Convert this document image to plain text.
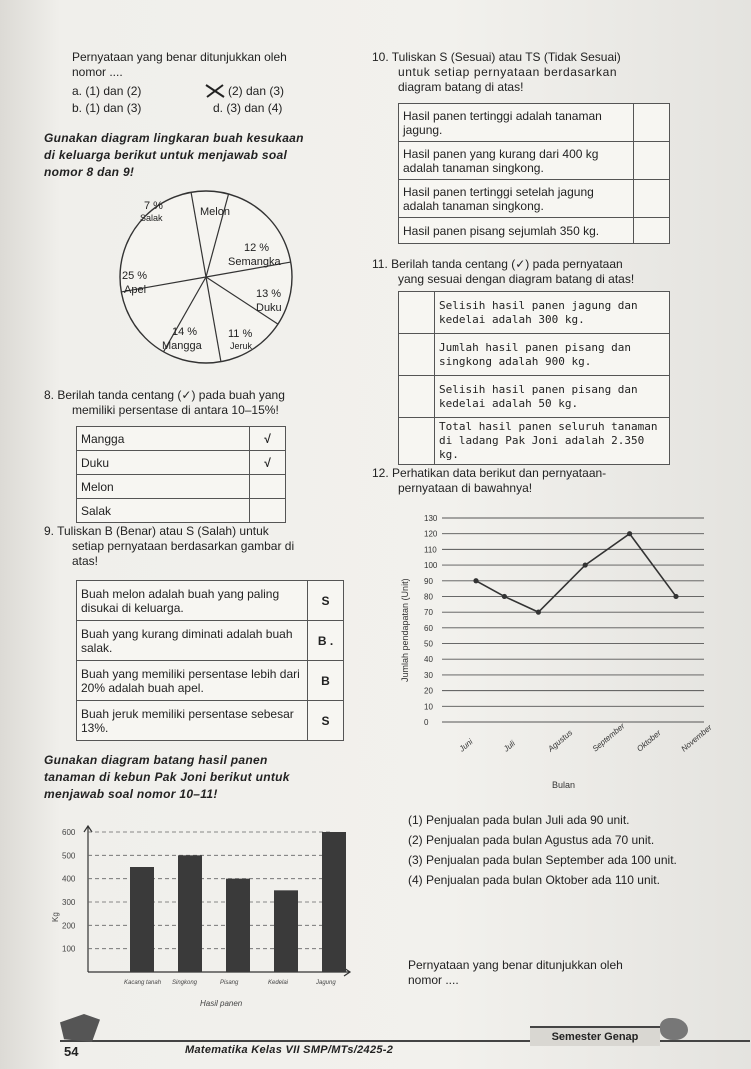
Pernyataan yang benar ditunjukkan oleh
nomor ....
a. (1) dan (2)	(2) dan (3)
b. (1) dan (3)	d. (3) dan (4)
Gunakan diagram lingkaran buah kesukaan
di keluarga berikut untuk menjawab soal
nomor 8 dan 9!
7 %
Salak	Melon
12 %
Semangka
25 %
Apel	13 %
Duku
14 %
Mangga
11 %
Jeruk
8. Berilah tanda centang (✓) pada buah yang
memiliki persentase di antara 10–15%!
Mangga	√
Duku	√
Melon	
Salak	
9. Tuliskan B (Benar) atau S (Salah) untuk
setiap pernyataan berdasarkan gambar di
atas!
Buah melon adalah buah yang paling disukai di keluarga.	S
Buah yang kurang diminati adalah buah salak.	B .
Buah yang memiliki persentase lebih dari 20% adalah buah apel.	B
Buah jeruk memiliki persentase sebesar 13%.	S
Gunakan diagram batang hasil panen
tanaman di kebun Pak Joni berikut untuk
menjawab soal nomor 10–11!
100
200
300
400
500
600
Kacang tanah Singkong	Pisang	Kedelai	Jagung
Kg
Hasil panen
10. Tuliskan S (Sesuai) atau TS (Tidak Sesuai)
untuk setiap pernyataan berdasarkan
diagram batang di atas!
Hasil panen tertinggi adalah tanaman jagung.	
Hasil panen yang kurang dari 400 kg adalah tanaman singkong.	
Hasil panen tertinggi setelah jagung adalah tanaman singkong.	
Hasil panen pisang sejumlah 350 kg.	
11. Berilah tanda centang (✓) pada pernyataan
yang sesuai dengan diagram batang di atas!
	Selisih hasil panen jagung dan kedelai adalah 300 kg.
	Jumlah hasil panen pisang dan singkong adalah 900 kg.
	Selisih hasil panen pisang dan kedelai adalah 50 kg.
	Total hasil panen seluruh tanaman di ladang Pak Joni adalah 2.350 kg.
12. Perhatikan data berikut dan pernyataan-
pernyataan di bawahnya!
0
10
20
30
40
50
60
70
80
90
100
110
120
130
Juni	Juli	Agustus September Oktober November
Jumlah pendapatan (Unit)
Bulan
(1) Penjualan pada bulan Juli ada 90 unit.
(2) Penjualan pada bulan Agustus ada 70 unit.
(3) Penjualan pada bulan September ada 100 unit.
(4) Penjualan pada bulan Oktober ada 110 unit.
Pernyataan yang benar ditunjukkan oleh
nomor ....
54	Matematika Kelas VII SMP/MTs/2425-2
Semester Genap
